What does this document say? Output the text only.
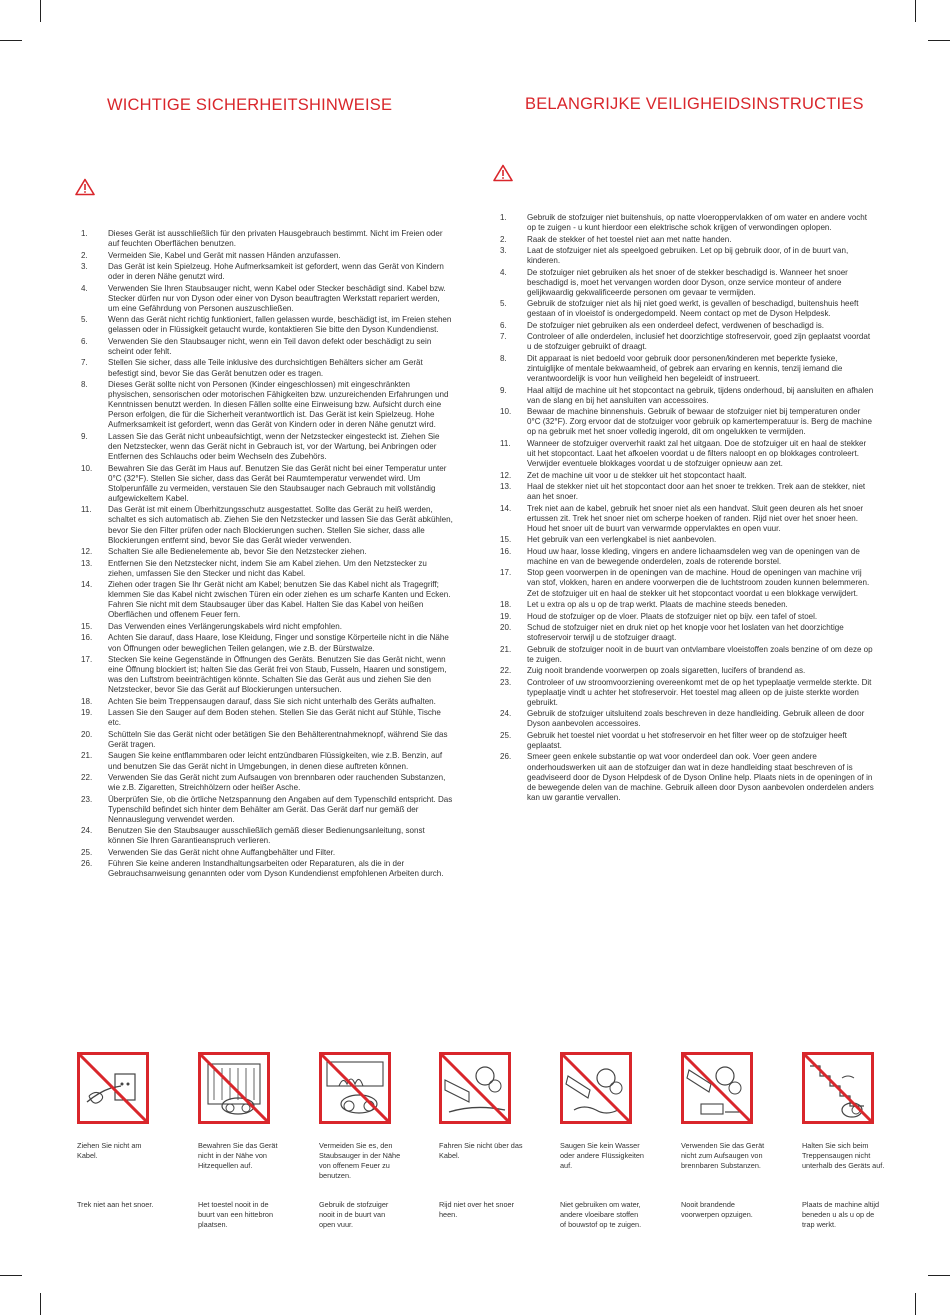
WICHTIGE SICHERHEITSHINWEISE	BELANGRIJKE VEILIGHEIDSINSTRUCTIES
1.	Dieses Gerät ist ausschließlich für den privaten Hausgebrauch bestimmt. Nicht im Freien oder auf feuchten Oberflächen benutzen.
2.	Vermeiden Sie, Kabel und Gerät mit nassen Händen anzufassen.
3.	Das Gerät ist kein Spielzeug. Hohe Aufmerksamkeit ist gefordert, wenn das Gerät von Kindern oder in deren Nähe genutzt wird.
4.	Verwenden Sie Ihren Staubsauger nicht, wenn Kabel oder Stecker beschädigt sind. Kabel bzw. Stecker dürfen nur von Dyson oder einer von Dyson beauftragten Werkstatt repariert werden, um eine Gefährdung von Personen auszuschließen.
5.	Wenn das Gerät nicht richtig funktioniert, fallen gelassen wurde, beschädigt ist, im Freien stehen gelassen oder in Flüssigkeit getaucht wurde, kontaktieren Sie bitte den Dyson Kundendienst.
6.	Verwenden Sie den Staubsauger nicht, wenn ein Teil davon defekt oder beschädigt zu sein scheint oder fehlt.
7.	Stellen Sie sicher, dass alle Teile inklusive des durchsichtigen Behälters sicher am Gerät befestigt sind, bevor Sie das Gerät benutzen oder es tragen.
8.	Dieses Gerät sollte nicht von Personen (Kinder eingeschlossen) mit eingeschränkten physischen, sensorischen oder motorischen Fähigkeiten bzw. unzureichenden Erfahrungen und Kenntnissen benutzt werden. In diesen Fällen sollte eine Einweisung bzw. Aufsicht durch eine Person erfolgen, die für die Sicherheit verantwortlich ist. Das Gerät ist kein Spielzeug. Hohe Aufmerksamkeit ist gefordert, wenn das Gerät von Kindern oder in deren Nähe genutzt wird.
9.	Lassen Sie das Gerät nicht unbeaufsichtigt, wenn der Netzstecker eingesteckt ist. Ziehen Sie den Netzstecker, wenn das Gerät nicht in Gebrauch ist, vor der Wartung, bei Anbringen oder Entfernen des Schlauchs oder beim Wechseln des Zubehörs.
10. Bewahren Sie das Gerät im Haus auf. Benutzen Sie das Gerät nicht bei einer Temperatur unter 0°C (32°F). Stellen Sie sicher, dass das Gerät bei Raumtemperatur verwendet wird. Um Stolperunfälle zu vermeiden, verstauen Sie den Staubsauger nach Gebrauch mit vollständig aufgewickeltem Kabel.
11. Das Gerät ist mit einem Überhitzungsschutz ausgestattet. Sollte das Gerät zu heiß werden, schaltet es sich automatisch ab. Ziehen Sie den Netzstecker und lassen Sie das Gerät abkühlen, bevor Sie den Filter prüfen oder nach Blockierungen suchen. Stellen Sie sicher, dass alle Blockierungen entfernt sind, bevor Sie das Gerät wieder verwenden.
12. Schalten Sie alle Bedienelemente ab, bevor Sie den Netzstecker ziehen.
13. Entfernen Sie den Netzstecker nicht, indem Sie am Kabel ziehen. Um den Netzstecker zu ziehen, umfassen Sie den Stecker und nicht das Kabel.
14. Ziehen oder tragen Sie Ihr Gerät nicht am Kabel; benutzen Sie das Kabel nicht als Tragegriff; klemmen Sie das Kabel nicht zwischen Türen ein oder ziehen es um scharfe Kanten und Ecken. Fahren Sie nicht mit dem Staubsauger über das Kabel. Halten Sie das Kabel von heißen Oberflächen und offenem Feuer fern.
15. Das Verwenden eines Verlängerungskabels wird nicht empfohlen.
16. Achten Sie darauf, dass Haare, lose Kleidung, Finger und sonstige Körperteile nicht in die Nähe von Öffnungen oder beweglichen Teilen gelangen, wie z.B. der Bürstwalze.
17. Stecken Sie keine Gegenstände in Öffnungen des Geräts. Benutzen Sie das Gerät nicht, wenn eine Öffnung blockiert ist; halten Sie das Gerät frei von Staub, Fusseln, Haaren und sonstigem, was den Luftstrom beeinträchtigen könnte. Schalten Sie das Gerät aus und ziehen Sie den Netzstecker, bevor Sie das Gerät auf Blockierungen untersuchen.
18. Achten Sie beim Treppensaugen darauf, dass Sie sich nicht unterhalb des Geräts aufhalten.
19. Lassen Sie den Sauger auf dem Boden stehen. Stellen Sie das Gerät nicht auf Stühle, Tische etc.
20. Schütteln Sie das Gerät nicht oder betätigen Sie den Behälterentnahmeknopf, während Sie das Gerät tragen.
21. Saugen Sie keine entflammbaren oder leicht entzündbaren Flüssigkeiten, wie z.B. Benzin, auf und benutzen Sie das Gerät nicht in Umgebungen, in denen diese auftreten können.
22. Verwenden Sie das Gerät nicht zum Aufsaugen von brennbaren oder rauchenden Substanzen, wie z.B. Zigaretten, Streichhölzern oder heißer Asche.
23. Überprüfen Sie, ob die örtliche Netzspannung den Angaben auf dem Typenschild entspricht. Das Typenschild befindet sich hinter dem Behälter am Gerät. Das Gerät darf nur gemäß der Nennauslegung verwendet werden.
24. Benutzen Sie den Staubsauger ausschließlich gemäß dieser Bedienungsanleitung, sonst können Sie Ihren Garantieanspruch verlieren.
25. Verwenden Sie das Gerät nicht ohne Auffangbehälter und Filter.
26. Führen Sie keine anderen Instandhaltungsarbeiten oder Reparaturen, als die in der Gebrauchsanweisung genannten oder vom Dyson Kundendienst empfohlenen Arbeiten durch.
1.	Gebruik de stofzuiger niet buitenshuis, op natte vloeroppervlakken of om water en andere vocht op te zuigen - u kunt hierdoor een elektrische schok krijgen of verwondingen oplopen.
2.	Raak de stekker of het toestel niet aan met natte handen.
3.	Laat de stofzuiger niet als speelgoed gebruiken. Let op bij gebruik door, of in de buurt van, kinderen.
4.	De stofzuiger niet gebruiken als het snoer of de stekker beschadigd is. Wanneer het snoer beschadigd is, moet het vervangen worden door Dyson, onze service monteur of andere gelijkwaardig gekwalificeerde personen om gevaar te vermijden.
5.	Gebruik de stofzuiger niet als hij niet goed werkt, is gevallen of beschadigd, buitenshuis heeft gestaan of in vloeistof is ondergedompeld. Neem contact op met de Dyson Helpdesk.
6.	De stofzuiger niet gebruiken als een onderdeel defect, verdwenen of beschadigd is.
7.	Controleer of alle onderdelen, inclusief het doorzichtige stofreservoir, goed zijn geplaatst voordat u de stofzuiger gebruikt of draagt.
8.	Dit apparaat is niet bedoeld voor gebruik door personen/kinderen met beperkte fysieke, zintuiglijke of mentale bekwaamheid, of gebrek aan ervaring en kennis, tenzij iemand die verantwoordelijk is voor hun veiligheid hen begeleidt of instrueert.
9.	Haal altijd de machine uit het stopcontact na gebruik, tijdens onderhoud, bij aansluiten en afhalen van de slang en bij het aansluiten van accessoires.
10. Bewaar de machine binnenshuis. Gebruik of bewaar de stofzuiger niet bij temperaturen onder 0°C (32°F). Zorg ervoor dat de stofzuiger voor gebruik op kamertemperatuur is. Berg de machine op na gebruik met het snoer volledig ingerold, dit om ongelukken te vermijden.
11. Wanneer de stofzuiger oververhit raakt zal het uitgaan. Doe de stofzuiger uit en haal de stekker uit het stopcontact. Laat het afkoelen voordat u de filters naloopt en op blokkages controleert. Verwijder eventuele blokkages voordat u de stofzuiger opnieuw aan zet.
12. Zet de machine uit voor u de stekker uit het stopcontact haalt.
13. Haal de stekker niet uit het stopcontact door aan het snoer te trekken. Trek aan de stekker, niet aan het snoer.
14. Trek niet aan de kabel, gebruik het snoer niet als een handvat. Sluit geen deuren als het snoer ertussen zit. Trek het snoer niet om scherpe hoeken of randen. Rijd niet over het snoer heen. Houd het snoer uit de buurt van verwarmde oppervlaktes en open vuur.
15. Het gebruik van een verlengkabel is niet aanbevolen.
16. Houd uw haar, losse kleding, vingers en andere lichaamsdelen weg van de openingen van de machine en van de bewegende onderdelen, zoals de roterende borstel.
17. Stop geen voorwerpen in de openingen van de machine. Houd de openingen van machine vrij van stof, vlokken, haren en andere voorwerpen die de luchtstroom zouden kunnen belemmeren. Zet de stofzuiger uit en haal de stekker uit het stopcontact voordat u een blokkage verwijdert.
18. Let u extra op als u op de trap werkt. Plaats de machine steeds beneden.
19. Houd de stofzuiger op de vloer. Plaats de stofzuiger niet op bijv. een tafel of stoel.
20. Schud de stofzuiger niet en druk niet op het knopje voor het loslaten van het doorzichtige stofreservoir terwijl u de stofzuiger draagt.
21. Gebruik de stofzuiger nooit in de buurt van ontvlambare vloeistoffen zoals benzine of om deze op te zuigen.
22. Zuig nooit brandende voorwerpen op zoals sigaretten, lucifers of brandend as.
23. Controleer of uw stroomvoorziening overeenkomt met de op het typeplaatje vermelde sterkte. Dit typeplaatje vindt u achter het stofreservoir. Het toestel mag alleen op de juiste sterkte worden gebruikt.
24. Gebruik de stofzuiger uitsluitend zoals beschreven in deze handleiding. Gebruik alleen de door Dyson aanbevolen accessoires.
25. Gebruik het toestel niet voordat u het stofreservoir en het filter weer op de stofzuiger heeft geplaatst.
26. Smeer geen enkele substantie op wat voor onderdeel dan ook. Voer geen andere onderhoudswerken uit aan de stofzuiger dan wat in deze handleiding staat beschreven of is geadviseerd door de Dyson Helpdesk of de Dyson Online help. Plaats niets in de openingen of in de bewegende delen van de machine. Gebruik alleen door Dyson aanbevolen onderdelen anders kan uw garantie vervallen.

Ziehen Sie nicht am Kabel.

Trek niet aan het snoer.

Bewahren Sie das Gerät nicht in der Nähe von Hitzequellen auf.

Het toestel nooit in de buurt van een hittebron plaatsen.

Vermeiden Sie es, den Staubsauger in der Nähe von offenem Feuer zu benutzen.

Gebruik de stofzuiger nooit in de buurt van open vuur.

Fahren Sie nicht über das Kabel.

Rijd niet over het snoer heen.

Saugen Sie kein Wasser oder andere Flüssigkeiten auf.

Niet gebruiken om water, andere vloeibare stoffen of bouwstof op te zuigen.

Verwenden Sie das Gerät nicht zum Aufsaugen von brennbaren Substanzen.

Nooit brandende voorwerpen opzuigen.

Halten Sie sich beim Treppensaugen nicht unterhalb des Geräts auf.

Plaats de machine altijd beneden u als u op de trap werkt.
